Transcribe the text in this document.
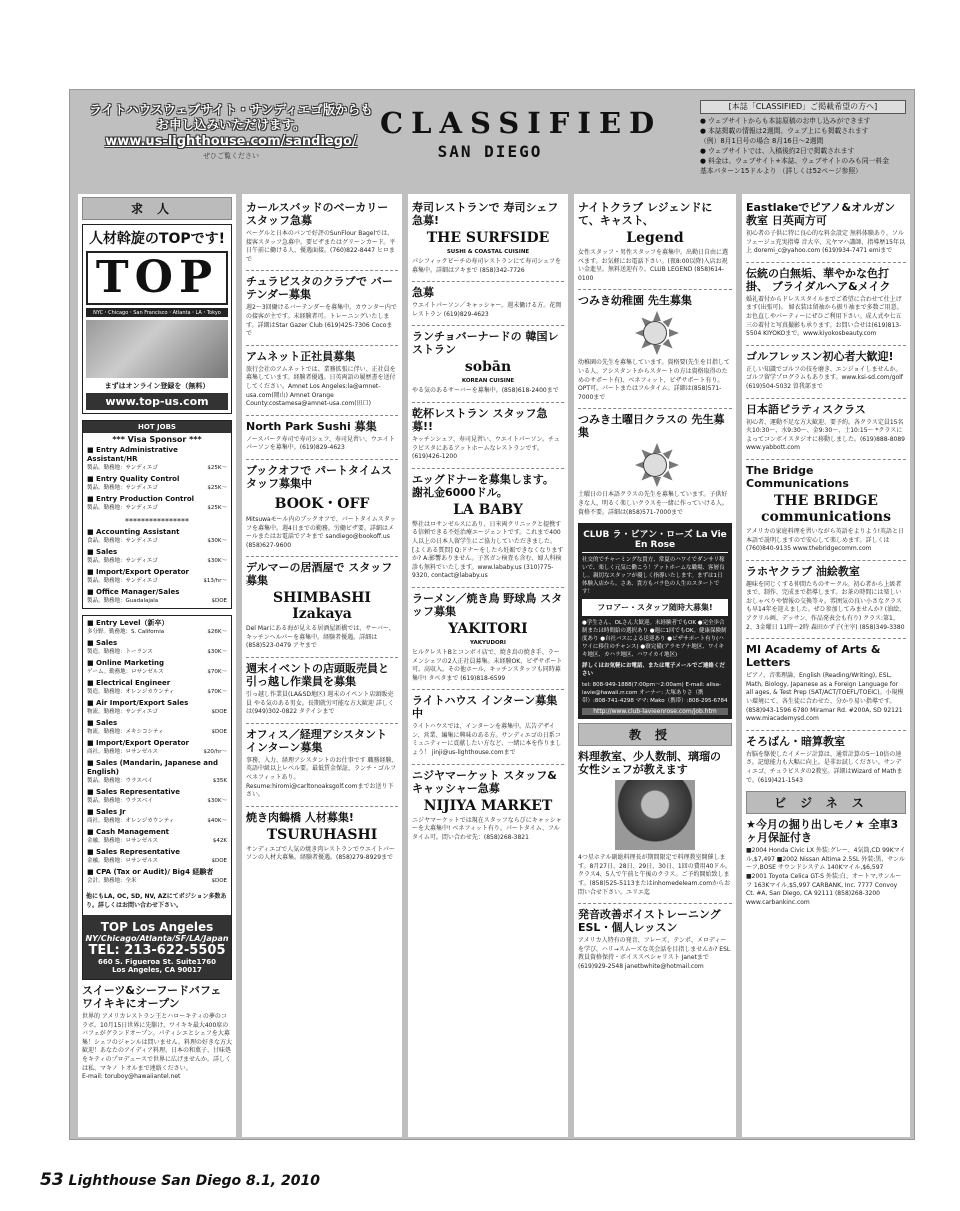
ライトハウスウェブサイト・サンディエゴ版からも
お申し込みいただけます。
www.us-lighthouse.com/sandiego/
ぜひご覧ください
CLASSIFIED
SAN DIEGO
[本誌「CLASSIFIED」ご掲載希望の方へ]
● ウェブサイトからも本誌原稿のお申し込みができます
● 本誌掲載の情報は2週間、ウェブ上にも掲載されます
（例）8月1日号の場合 8月16日～2週間
● ウェブサイトでは、入稿後約2日で掲載されます
● 料金は、ウェブサイト+本誌、ウェブサイトのみも同一料金
基本パターン15ドルより （詳しくは52ページ参照）
求人
人材斡旋のTOPです!
TOP
NYC・Chicago・San Francisco・Atlanta・LA・Tokyo
まずはオンライン登録を（無料）
www.top-us.com
HOT JOBS
*** Visa Sponsor ***
■ Entry Administrative Assistant/HR
製品。勤務地：サンディエゴ	$25K～
■ Entry Quality Control
製品。勤務地：サンディエゴ	$25K～
■ Entry Production Control
製品。勤務地：サンディエゴ	$25K～
****************
■ Accounting Assistant
食品。勤務地：サンディエゴ	$30K～
■ Sales
製品。勤務地：サンディエゴ	$30K～
■ Import/Export Operator
製品。勤務地：サンディエゴ	$13/hr～
■ Office Manager/Sales
製品。勤務地：Guadalajala	$DOE
■ Entry Level（新卒）
多分野。勤務地：S. California	$26K～
■ Sales
製造。勤務地：トーランス	$30K～
■ Online Marketing
ゲーム。勤務地：ロサンゼルス	$70K～
■ Electrical Engineer
製造。勤務地：オレンジカウンティ	$70K～
■ Air Import/Export Sales
物流。勤務地：サンディエゴ	$DOE
■ Sales
物流。勤務地：メキシコシティ	$DOE
■ Import/Export Operator
商社。勤務地：ロサンゼルス	$20/hr～
■ Sales (Mandarin, Japanese and English)
製品。勤務地：ウラスベイ	$35K
■ Sales Representative
製品。勤務地：ウラスベイ	$30K～
■ Sales Jr
商社。勤務地：オレンジカウンティ	$40K～
■ Cash Management
金融。勤務地：ロサンゼルス	$42K
■ Sales Representative
金融。勤務地：ロサンゼルス	$DOE
■ CPA (Tax or Audit)/ Big4 経験者
会計。勤務地：全米	$DOE
他にもLA, OC, SD, NV, AZにてポジション多数あり。詳しくはお問い合わせ下さい。
TOP Los Angeles
NY/Chicago/Atlanta/SF/LA/Japan
TEL: 213-622-5505
660 S. Figueroa St. Suite1760
Los Angeles, CA 90017
スイーツ&シーフードバフェ ワイキキにオープン
世界的 アメリカレストラン王とハローキティの夢のコラボ。10月15日世界に先駆け、ワイキキ最大400席のバフェがグランドオープン。パティシエとシェフを大募集！シェフのジャンルは問いません。料理の好きな方大歓迎！あなたのアイディア料理、日本の和菓子、甘味処をキティのプロデュースで世界に広げませんか。詳しくは私、マキノ トオルまで連絡ください。
E-mail: toruboy@hawaiiantel.net
カールスバッドのベーカリー スタッフ急募
ベーグルと日本のパンで好評のSunFlour Bagelでは、接客スタッフ急募中。要ビザまたはグリーンカード。平日午前に働ける人、優遇面接。(760)822-8447 ヒロまで
チュラビスタのクラブで バーテンダー募集
週2～3回働けるバーテンダーを募集中。カウンター内での接客が主です。未経験者可。トレーニングいたします。詳細はStar Gazer Club (619)425-7306 Cocoまで
アムネット正社員募集
旅行会社のアムネットでは、業務拡張に伴い、正社員を募集しています。経験者優遇。日英両語の履歴書を送付してください。Amnet Los Angeles:la@amnet-usa.com(岡山) Amnet Orange County:costamesa@amnet-usa.com(田口)
North Park Sushi 募集
ノースパーク寿司で寿司シェフ、寿司見習い、ウエイトパーソンを募集中。(619)829-4623
ブックオフで パートタイムスタッフ募集中
BOOK・OFF
Mitsuwaモール内のブックオフで、パートタイムスタッフを募集中。週4日までの勤務。労働ビザ要。詳細はメールまたはお電話でアキまで sandiego@bookoff.us (858)627-9600
デルマーの居酒屋で スタッフ募集
SHIMBASHI Izakaya
Del Marにある海が見える居酒屋新橋では、サーバー、キッチンヘルパーを募集中。経験者優遇。詳細は(858)523-0479 アヤまで
週末イベントの店頭販売員と 引っ越し作業員を募集
引っ越し作業員(LA&SD地区) 週末のイベント店頭販売員 やる気のある男女。長期就労可能な方大歓迎 詳しくは(949)302-0822 タテイシまで
オフィス／経理アシスタント インターン募集
事務、入力、経理アシスタントのお仕事です 職務経験、英語中級以上レベル要。最低賃金保証、ランチ・ゴルフベネフィットあり。Resume:hiromi@carltonoaksgolf.comまでお送り下さい。
焼き肉鶴橋 人材募集!
TSURUHASHI
サンディエゴで人気の焼き肉レストランでウエイトパーソンの人材大募集。経験者優遇。(858)279-8929まで
寿司レストランで 寿司シェフ急募!
THE SURFSIDE
SUSHI & COASTAL CUISINE
パシフィックビーチの寿司レストランにて寿司シェフを募集中。詳細はアキまで (858)342-7726
急募
ウエイトパーソン／キャッシャー。週末働ける方。花岡レストラン (619)829-4623
ランチョバーナードの 韓国レストラン
sobān
KOREAN CUISINE
やる気のあるサーバーを募集中。(858)618-2400まで
乾杯レストラン スタッフ急募!!
キッチンシェフ、寿司見習い、ウエイトパーソン。チュラビスタにあるアットホームなレストランです。(619)426-1200
エッグドナーを募集します。 謝礼金6000ドル。
LA BABY
弊社はロサンゼルスにあり、日米両クリニックと提携する信頼できる不妊治療エージェントです。これまで400人以上の日本人留学生にご協力していただきました。[よくある質問] Q:ドナーをしたら妊娠できなくなりますか? A:影響ありません。子宮ガン検査も含む、婦人科検診も無料でいたします。www.lababy.us (310)775-9320, contact@lababy.us
ラーメン／焼き鳥 野球鳥 スタッフ募集
YAKITORI
YAKYUDORI
ヒルクレストBとコンボイ店で、焼き鳥の焼き手、ラーメンシェフの2人正社員募集。未経験OK、ビザサポート可。高収入。その他ホール、キッチンスタッフも同時募集中! タベタまで (619)818-6599
ライトハウス インターン募集中
ライトハウスでは、インターンを募集中。広告デザイン、営業、編集に興味のある方。サンディエゴの日系コミュニティーに貢献したい方など、一緒に本を作りましょう！ jinji@us-lighthouse.comまで
ニジヤマーケット スタッフ&キャッシャー急募
NIJIYA MARKET
ニジヤマーケットでは現在スタッフならびにキャッシャーを大募集中! ベネフィット有り。パートタイム、フルタイム可。問い合わせ先：(858)268-3821
ナイトクラブ レジェンドにて、キャスト、
Legend
女性スタッフ・男性スタッフを募集中。出勤日自由に選べます。お気軽にお電話下さい。(夜8:00以降)入店お祝い金進呈。無料送迎有り。CLUB LEGEND (858)614-0100
つみき幼稚園 先生募集
幼稚園の先生を募集しています。資格要(先生を目指している人、アシスタントからスタートの方は資格取得のためのサポート有)、ベネフィット、ビザサポート有り。OPT可。パートまたはフルタイム。詳細は(858)571-7000まで
つみき土曜日クラスの 先生募集
土曜日の日本語クラスの先生を募集しています。子供好きな人、明るく楽しいクラスを一緒に作っていける人。資格不要。詳細は(858)571-7000まで
CLUB ラ・ビアン・ローズ La Vie En Rose
社交的でチャーミングな貴方、常夏のハワイでダンサリ稼いで、楽しく元気に働こう！アットホームな職場、客層良し。親切なスタッフが優しく指導いたします。まずは1日体験入店から。さあ、貴方もバラ色の人生のスタートです！
フロアー・スタッフ随時大募集!
●学生さん、OLさん大歓迎。未経験者でもOK ●完全歩合制または時間給の選択あり ●週に1回でもOK。健康保険制度あり ●自社バスによる送迎あり ●ビザサポート有り(ハワイに移住のチャンス) ●寮完備(アラモアナ地区、ワイキキ地区、カハラ地区、ハワイカイ地区)
詳しくはお気軽にお電話、または電子メールでご連絡ください
tel: 808-949-1888(7:00pm～2:00am) E-mail: alisa-lavie@hawaii.rr.com オーナー: 大塚ありさ（携帯）:808-741-4298 ママ: Mako（携帯）:808-295-6784
http://www.club-lavieenrose.com/job.htm
教授
料理教室、少人数制、璃瑠の 女性シェフが教えます
4つ星ホテル副総料理長が期間限定で料理教室開催します。8月27日、28日、29日、30日、1回の費用40ドル。クラス4、5人で午前と午後のクラス。ご予約開始致します。(858)525-5113またはinhomedeleam.comからお問い合せ下さい。ユリエ迄
発音改善ボイストレーニング ESL・個人レッスン
アメリカ人特有の発音、フレーズ、テンポ、メロディーを学び、ハリ→スムーズな英会話を目指しませんか? ESL教員資格保持・ボイススペシャリスト Janetまで (619)929-2548 janetbwhite@hotmail.com
Eastlakeでピアノ&オルガン 教室 日英両方可
初心者の子供に特に良心的な料金設定 無料体験あり、ソルフェージュ充実指導 音大卒、元ヤマハ講師、指導歴15年以上 doremi_c@yahoo.com (619)934-7471 emiまで
伝統の白無垢、華やかな色打掛、 ブライダルヘア&メイク
婚礼着付からドレススタイルまでご希望に合わせて仕上げます(出張可)。 婦衣装は留袖から振り袖まで多数ご用意。お色直しやパーティーにぜひご利用下さい。成人式や七五三の着付と写真撮影も承ります。お問い合せは(619)813-5504 KIYOKOまで。www.kiyokosbeauty.com
ゴルフレッスン初心者大歓迎!
正しい知識でゴルフの技を磨き、エンジョイしませんか。ゴルフ留学プログラムもあります。www.ksi-sd.com/golf (619)504-5032 曽我部まで
日本語ピラティスクラス
初心者、運動不足な方大歓迎、要予約。各クラス定員15名 火10:30～、水9:30～、金9:30～、土10:15～ *クラスによってコンボイスタジオに移動しました。(619)888-8089 www.yabbott.com
The Bridge Communications
THE BRIDGE communications
アメリカの家庭料理を習いながら英語をよりよう!英語と日本語で説明しますので安心して楽しめます。詳しくは(760)840-9135 www.thebridgecomm.com
ラホヤクラブ 油絵教室
趣味を同じくする仲間たちのサークル。初心者から上級者まで、制作、完成まで指導します。お茶の時間には楽しいおしゃべりや情報の交換等々。雰囲気の良い小さなクラスも早14年を迎えました。ぜひ参加してみませんか? (油絵、アクリル画、デッサン、作品発表会も有り) クラス:第1、2、3金曜日 11時～2時 森田かず子(主宰) (858)349-3380
MI Academy of Arts & Letters
ピアノ、音楽理論、English (Reading/Writing), ESL, Math, Biology, Japanese as a Foreign Language for all ages, & Test Prep (SAT/ACT/TOEFL/TOEIC)。小規模い環境にて、各生徒に合わせた、分かり易い指導です。(858)943-1596 6780 Miramar Rd. #200A, SD 92121 www.miacademysd.com
そろばん・暗算教室
右脳を駆使したイメージ計算は、通常計算の5～10倍の速さ。記憶能力も大幅に向上。是非お試しください。サンディエゴ、チュラビスタの2教室。詳細はWizard of Mathまで。(619)421-1543
ビジネス
★今月の掘り出しモノ★ 全車3ヶ月保証付き
■2004 Honda Civic LX 外装:グレー、4気筒,CD 99Kマイル,$7,497 ■2002 Nissan Altima 2.5SL 外装:黒、サンルーフ,BOSE サウンドシステム 140Kマイル,$6,597 ■2001 Toyota Celica GT-S 外装:白、オートマ,サンルーフ 163Kマイル,$5,997 CARBANK, Inc. 7777 Convoy Ct. #A, San Diego, CA 92111 (858)268-3200 www.carbankinc.com
53 Lighthouse San Diego 8.1, 2010
